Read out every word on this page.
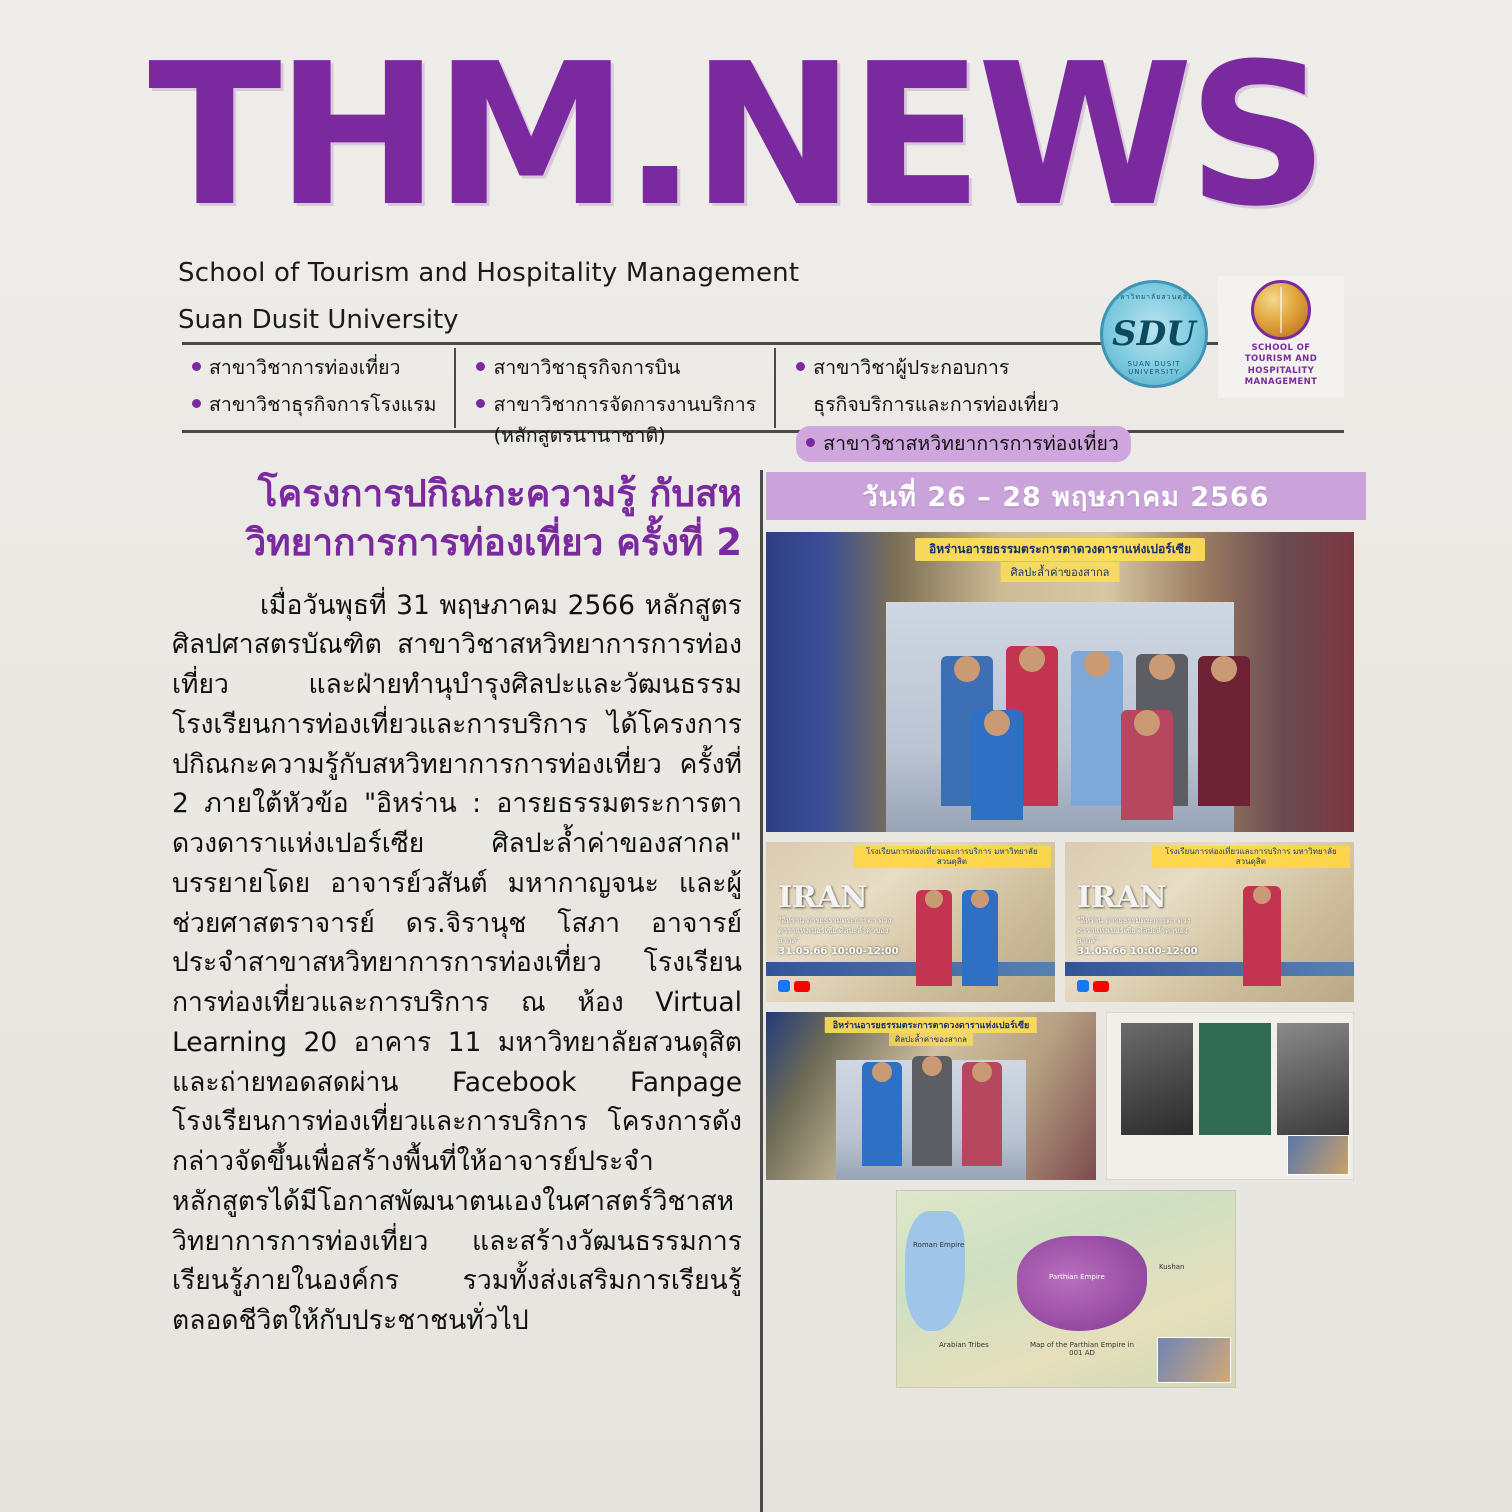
THM.NEWS
School of Tourism and Hospitality Management
Suan Dusit University
สาขาวิชาการท่องเที่ยว
สาขาวิชาธุรกิจการโรงแรม
สาขาวิชาธุรกิจการบิน
สาขาวิชาการจัดการงานบริการ
(หลักสูตรนานาชาติ)
สาขาวิชาผู้ประกอบการ
ธุรกิจบริการและการท่องเที่ยว
สาขาวิชาสหวิทยาการการท่องเที่ยว
มหาวิทยาลัยสวนดุสิต
SDU
SUAN DUSIT UNIVERSITY
SCHOOL OF
TOURISM AND
HOSPITALITY
MANAGEMENT
โครงการปกิณกะความรู้ กับสหวิทยาการการท่องเที่ยว ครั้งที่ 2
เมื่อวันพุธที่ 31 พฤษภาคม 2566 หลักสูตรศิลปศาสตรบัณฑิต สาขาวิชาสหวิทยาการการท่องเที่ยว และฝ่ายทำนุบำรุงศิลปะและวัฒนธรรม โรงเรียนการท่องเที่ยวและการบริการ ได้โครงการปกิณกะความรู้กับสหวิทยาการการท่องเที่ยว ครั้งที่ 2 ภายใต้หัวข้อ "อิหร่าน : อารยธรรมตระการตา ดวงดาราแห่งเปอร์เซีย ศิลปะล้ำค่าของสากล" บรรยายโดย อาจารย์วสันต์ มหากาญจนะ และผู้ช่วยศาสตราจารย์ ดร.จิรานุช โสภา อาจารย์ประจำสาขาสหวิทยาการการท่องเที่ยว โรงเรียนการท่องเที่ยวและการบริการ ณ ห้อง Virtual Learning 20 อาคาร 11 มหาวิทยาลัยสวนดุสิต และถ่ายทอดสดผ่าน Facebook Fanpage โรงเรียนการท่องเที่ยวและการบริการ โครงการดังกล่าวจัดขึ้นเพื่อสร้างพื้นที่ให้อาจารย์ประจำหลักสูตรได้มีโอกาสพัฒนาตนเองในศาสตร์วิชาสหวิทยาการการท่องเที่ยว และสร้างวัฒนธรรมการเรียนรู้ภายในองค์กร รวมทั้งส่งเสริมการเรียนรู้ตลอดชีวิตให้กับประชาชนทั่วไป
วันที่ 26 – 28 พฤษภาคม 2566
อิหร่านอารยธรรมตระการตาดวงดาราแห่งเปอร์เซีย
ศิลปะล้ำค่าของสากล
โรงเรียนการท่องเที่ยวและการบริการ มหาวิทยาลัยสวนดุสิต
IRAN
"อิหร่าน อารยธรรมตระการตา ดวงดาราแห่งเปอร์เซีย ศิลปะล้ำค่าของสากล"
31.05.66 10:00-12:00
โรงเรียนการท่องเที่ยวและการบริการ มหาวิทยาลัยสวนดุสิต
IRAN
"อิหร่าน อารยธรรมตระการตา ดวงดาราแห่งเปอร์เซีย ศิลปะล้ำค่าของสากล"
31.05.66 10:00-12:00
อิหร่านอารยธรรมตระการตาดวงดาราแห่งเปอร์เซีย
ศิลปะล้ำค่าของสากล
Parthian Empire
Arabian Tribes
Roman Empire
Kushan
Map of the Parthian Empire in 001 AD
